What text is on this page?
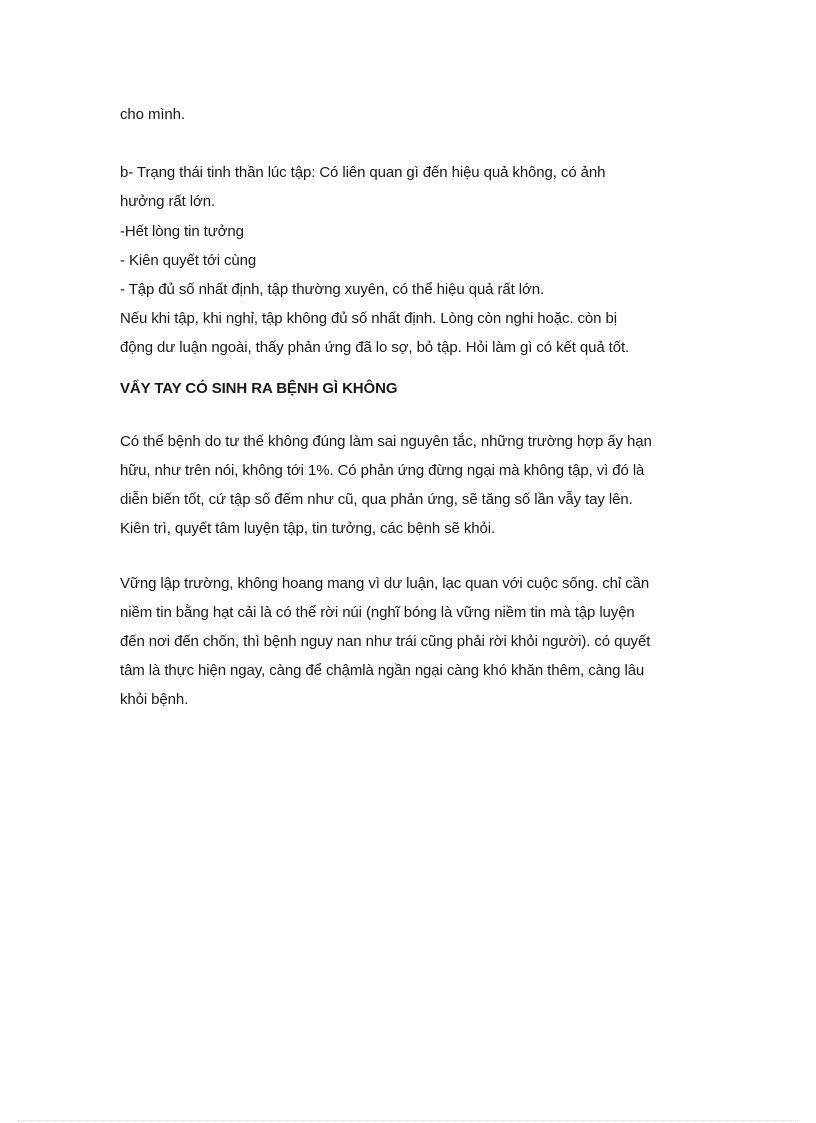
cho mình.
b- Trạng thái tinh thần lúc tập: Có liên quan gì đến hiệu quả không, có ảnh
hưởng rất lớn.
-Hết lòng tin tưởng
- Kiên quyết tới cùng
- Tập đủ số nhất định, tập thường xuyên, có thể hiệu quả rất lớn.
Nếu khi tập, khi nghỉ, tập không đủ số nhất định. Lòng còn nghi hoặc. còn bị
động dư luận ngoài, thấy phản ứng đã lo sợ, bỏ tập. Hỏi làm gì có kết quả tốt.
VẨY TAY CÓ SINH RA BỆNH GÌ KHÔNG
Có thể bệnh do tư thế không đúng làm sai nguyên tắc, những trường hợp ấy hạn
hữu, như trên nói, không tới 1%. Có phản ứng đừng ngại mà không tập, vì đó là
diễn biến tốt, cứ tập số đếm như cũ, qua phản ứng, sẽ tăng số lần vẫy tay lên.
Kiên trì, quyết tâm luyện tập, tin tưởng, các bệnh sẽ khỏi.
Vững lập trường, không hoang mang vì dư luận, lạc quan với cuộc sống. chỉ cần
niềm tin bằng hạt cải là có thể rời núi (nghĩ bóng là vững niềm tin mà tập luyện
đến nơi đến chốn, thì bệnh nguy nan như trái cũng phải rời khỏi người). có quyết
tâm là thực hiện ngay, càng để chậmlà ngần ngại càng khó khăn thêm, càng lâu
khỏi bệnh.
